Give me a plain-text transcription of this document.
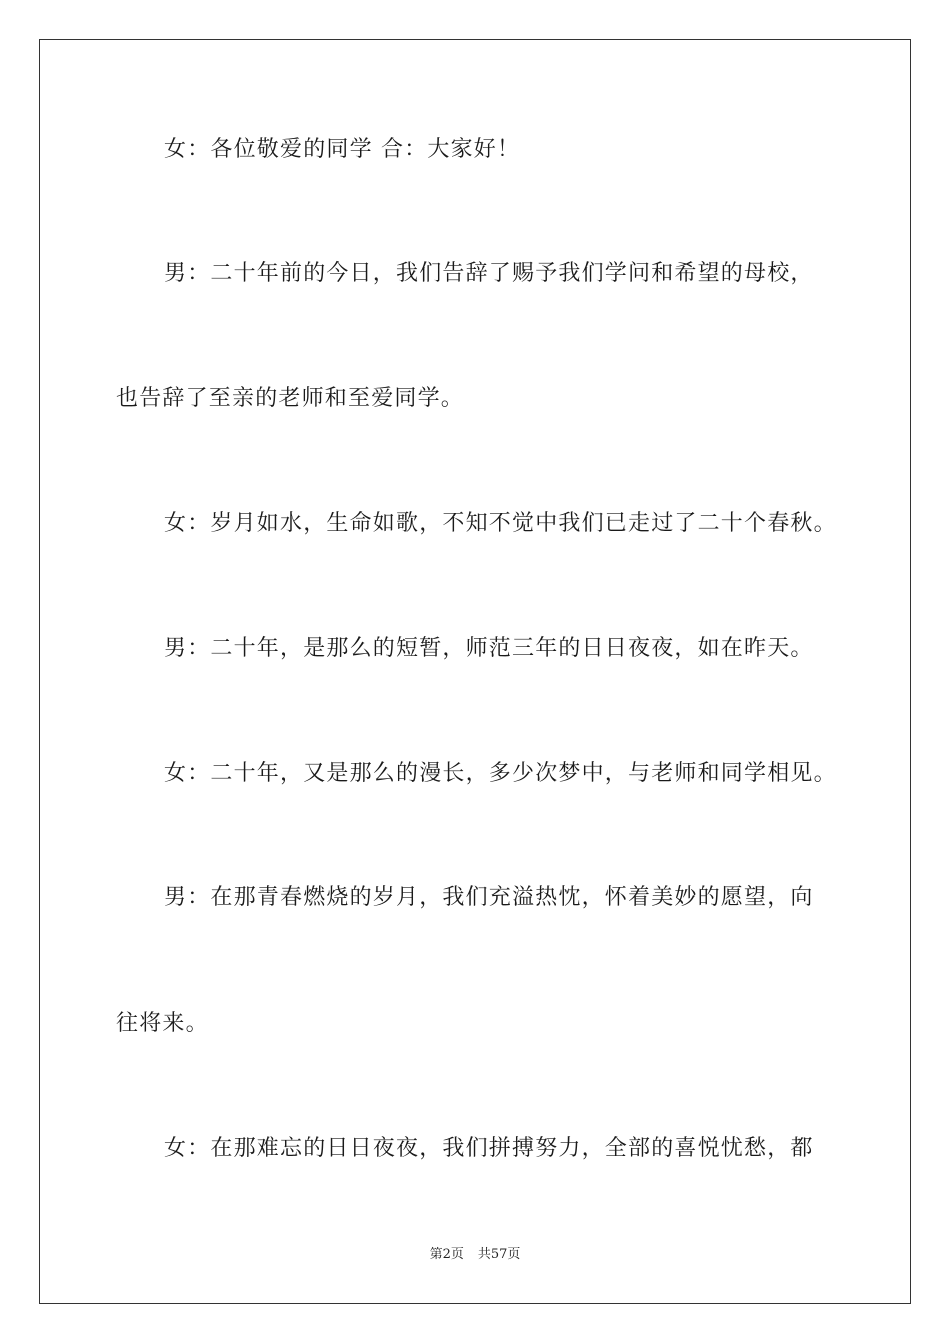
女：各位敬爱的同学 合：大家好！
男：二十年前的今日，我们告辞了赐予我们学问和希望的母校，
也告辞了至亲的老师和至爱同学。
女：岁月如水，生命如歌，不知不觉中我们已走过了二十个春秋。
男：二十年，是那么的短暂，师范三年的日日夜夜，如在昨天。
女：二十年，又是那么的漫长，多少次梦中，与老师和同学相见。
男：在那青春燃烧的岁月，我们充溢热忱，怀着美妙的愿望，向
往将来。
女：在那难忘的日日夜夜，我们拼搏努力，全部的喜悦忧愁，都
第2页 共57页
